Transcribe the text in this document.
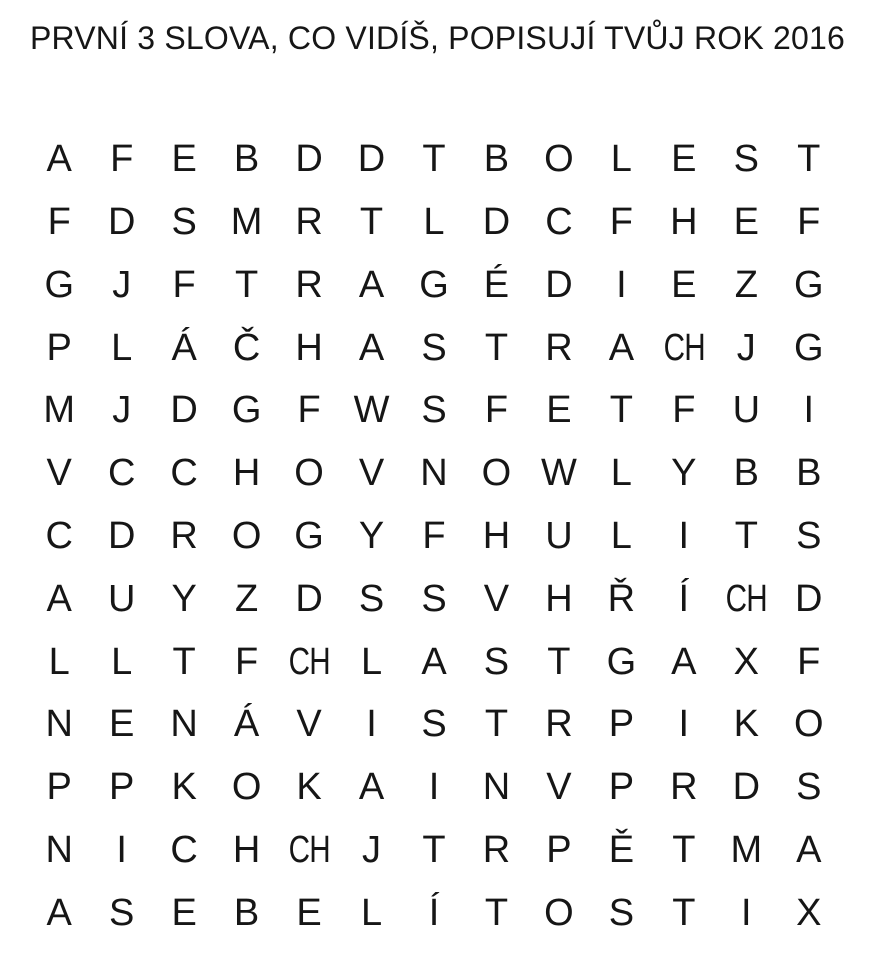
PRVNÍ 3 SLOVA, CO VIDÍŠ, POPISUJÍ TVŮJ ROK 2016
A	F	E B D D T	B O L	E S	T
F D S M R T	L	D C F H E	F
G	J	F	T R A G É D	I	E	Z G
P	L	Á Č H A S	T R A CH J	G
M J	D G F W S	F	E	T	F U	I
V C C H O V N O W L	Y B B
C D R O G Y	F H U	L	I	T	S
A U Y	Z D S S V H Ř	Í CH D
L	L	T	F CH L	A S	T G A X	F
N E N Á V	I	S	T R P	I	K O
P P K O K A	I	N V P R D S
N	I	C H CH J	T R P Ě	T M A
A S E B E	L	Í	T O S	T	I	X
